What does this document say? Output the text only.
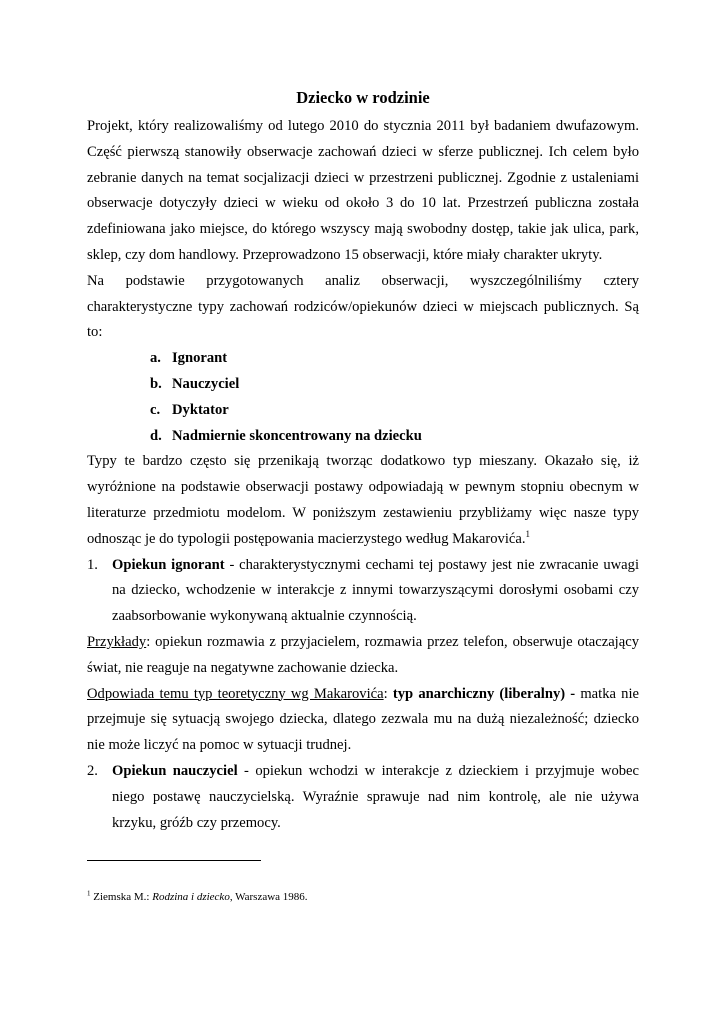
Dziecko w rodzinie

Projekt, który realizowaliśmy od lutego 2010 do stycznia 2011 był badaniem dwufazowym. Część pierwszą stanowiły obserwacje zachowań dzieci w sferze publicznej. Ich celem było zebranie danych na temat socjalizacji dzieci w przestrzeni publicznej. Zgodnie z ustaleniami obserwacje dotyczyły dzieci w wieku od około 3 do 10 lat. Przestrzeń publiczna została zdefiniowana jako miejsce, do którego wszyscy mają swobodny dostęp, takie jak ulica, park, sklep, czy dom handlowy. Przeprowadzono 15 obserwacji, które miały charakter ukryty.

Na podstawie przygotowanych analiz obserwacji, wyszczególniliśmy cztery charakterystyczne typy zachowań rodziców/opiekunów dzieci w miejscach publicznych. Są to:

a. Ignorant
b. Nauczyciel
c. Dyktator
d. Nadmiernie skoncentrowany na dziecku

Typy te bardzo często się przenikają tworząc dodatkowo typ mieszany. Okazało się, iż wyróżnione na podstawie obserwacji postawy odpowiadają w pewnym stopniu obecnym w literaturze przedmiotu modelom. W poniższym zestawieniu przybliżamy więc nasze typy odnosząc je do typologii postępowania macierzystego według Makarovića.$^1$

1. Opiekun ignorant - charakterystycznymi cechami tej postawy jest nie zwracanie uwagi na dziecko, wchodzenie w interakcje z innymi towarzyszącymi dorosłymi osobami czy zaabsorbowanie wykonywaną aktualnie czynnością.

Przykłady: opiekun rozmawia z przyjacielem, rozmawia przez telefon, obserwuje otaczający świat, nie reaguje na negatywne zachowanie dziecka.

Odpowiada temu typ teoretyczny wg Makarovića: typ anarchiczny (liberalny) - matka nie przejmuje się sytuacją swojego dziecka, dlatego zezwala mu na dużą niezależność; dziecko nie może liczyć na pomoc w sytuacji trudnej.

2. Opiekun nauczyciel - opiekun wchodzi w interakcje z dzieckiem i przyjmuje wobec niego postawę nauczycielską. Wyraźnie sprawuje nad nim kontrolę, ale nie używa krzyku, gróźb czy przemocy.
$^1$ Ziemska M.: Rodzina i dziecko, Warszawa 1986.
